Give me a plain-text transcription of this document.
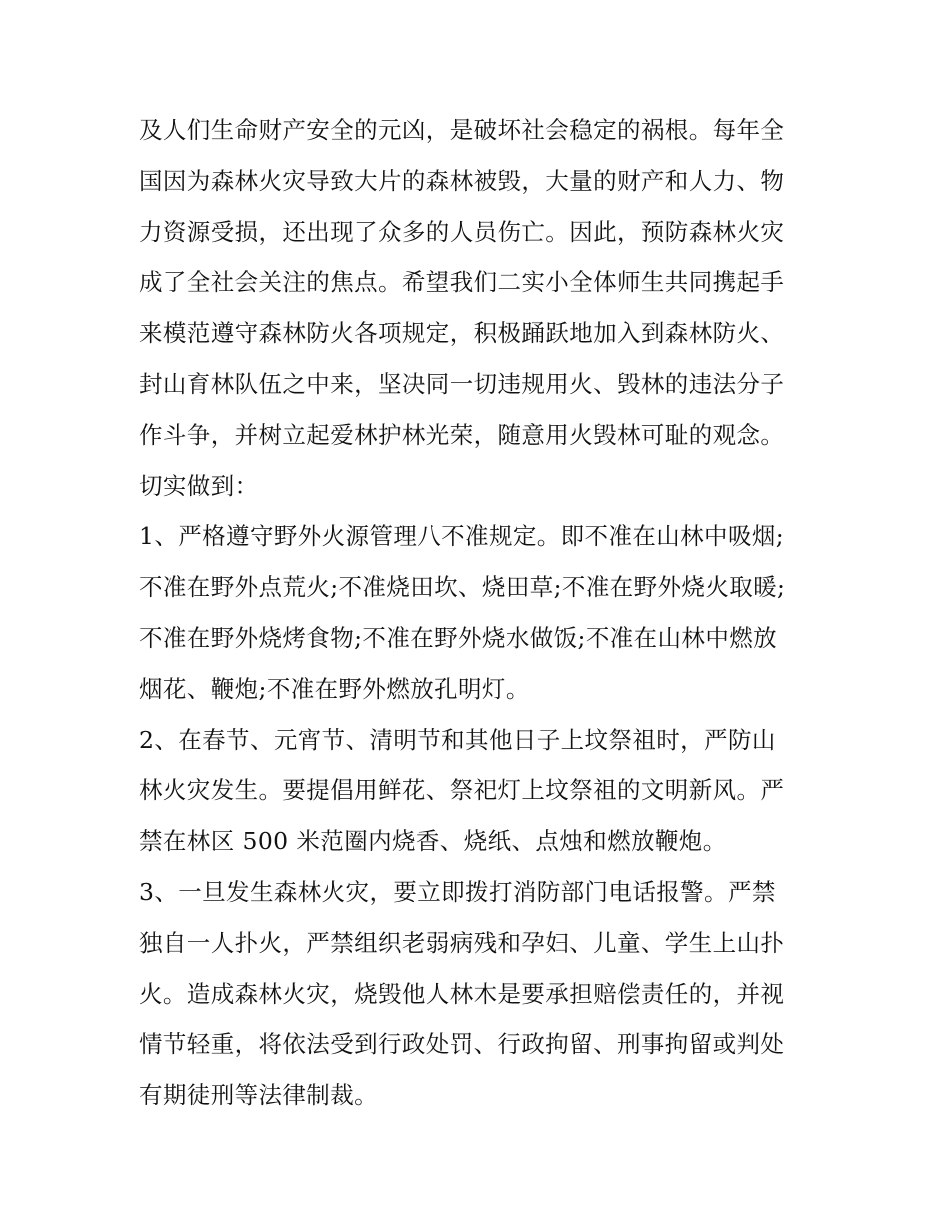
及人们生命财产安全的元凶，是破坏社会稳定的祸根。每年全
国因为森林火灾导致大片的森林被毁，大量的财产和人力、物
力资源受损，还出现了众多的人员伤亡。因此，预防森林火灾
成了全社会关注的焦点。希望我们二实小全体师生共同携起手
来模范遵守森林防火各项规定，积极踊跃地加入到森林防火、
封山育林队伍之中来，坚决同一切违规用火、毁林的违法分子
作斗争，并树立起爱林护林光荣，随意用火毁林可耻的观念。
切实做到：
1、严格遵守野外火源管理八不准规定。即不准在山林中吸烟;
不准在野外点荒火;不准烧田坎、烧田草;不准在野外烧火取暖;
不准在野外烧烤食物;不准在野外烧水做饭;不准在山林中燃放
烟花、鞭炮;不准在野外燃放孔明灯。
2、在春节、元宵节、清明节和其他日子上坟祭祖时，严防山
林火灾发生。要提倡用鲜花、祭祀灯上坟祭祖的文明新风。严
禁在林区 500 米范圈内烧香、烧纸、点烛和燃放鞭炮。
3、一旦发生森林火灾，要立即拨打消防部门电话报警。严禁
独自一人扑火，严禁组织老弱病残和孕妇、儿童、学生上山扑
火。造成森林火灾，烧毁他人林木是要承担赔偿责任的，并视
情节轻重，将依法受到行政处罚、行政拘留、刑事拘留或判处
有期徒刑等法律制裁。
